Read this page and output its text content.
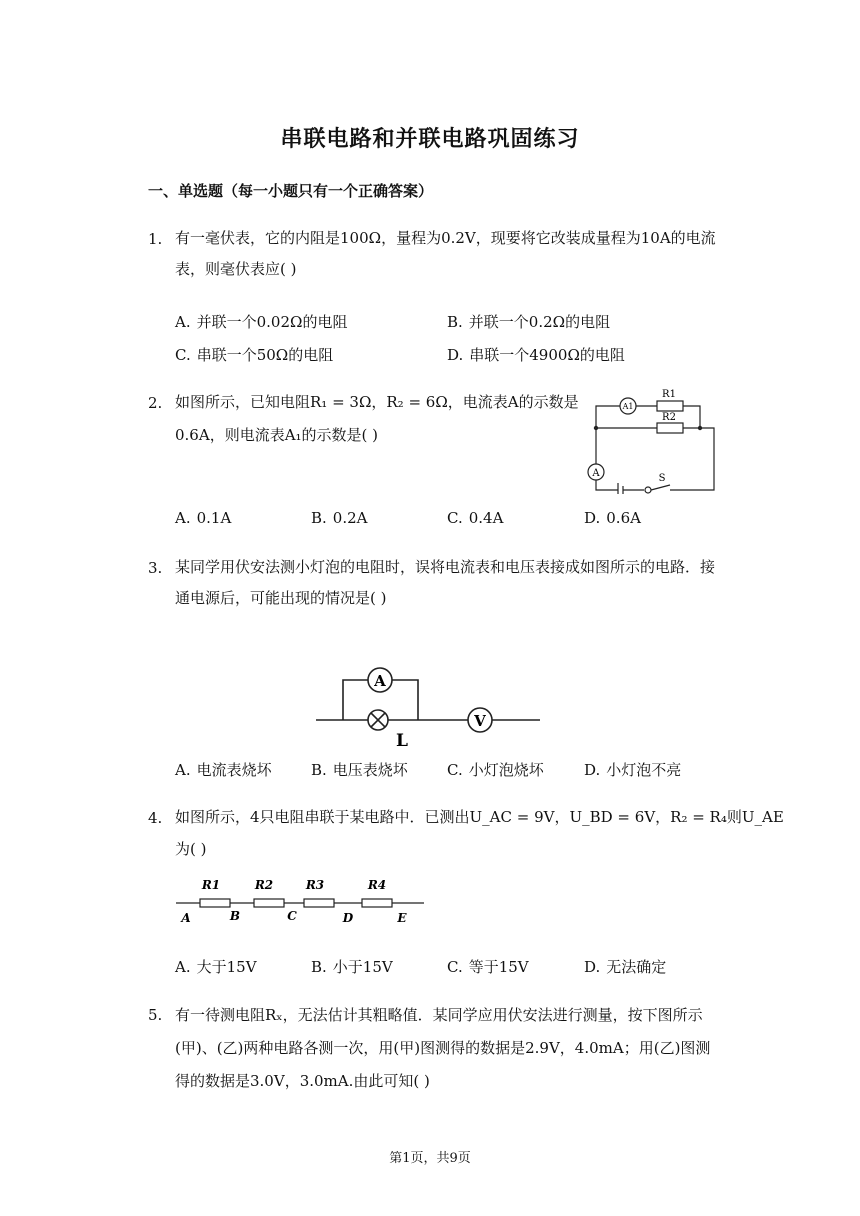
串联电路和并联电路巩固练习
一、单选题（每一小题只有一个正确答案）
1. 有一毫伏表，它的内阻是100Ω，量程为0.2V，现要将它改装成量程为10A的电流表，则毫伏表应( )
A. 并联一个0.02Ω的电阻	B. 并联一个0.2Ω的电阻
C. 串联一个50Ω的电阻	D. 串联一个4900Ω的电阻
2. 如图所示，已知电阻R₁ = 3Ω，R₂ = 6Ω，电流表A的示数是
0.6A，则电流表A₁的示数是( )
R1
R2
A1
A	S
A. 0.1A	B. 0.2A	C. 0.4A	D. 0.6A
3. 某同学用伏安法测小灯泡的电阻时，误将电流表和电压表接成如图所示的电路．接通电源后，可能出现的情况是( )
A
V
L
A. 电流表烧坏	B. 电压表烧坏	C. 小灯泡烧坏	D. 小灯泡不亮
4. 如图所示，4只电阻串联于某电路中．已测出U_AC = 9V，U_BD = 6V，R₂ = R₄则U_AE
为( )
R1	R2	R3	R4
A	B	C	D	E
A. 大于15V	B. 小于15V	C. 等于15V	D. 无法确定
5. 有一待测电阻Rₓ，无法估计其粗略值．某同学应用伏安法进行测量，按下图所示(甲)、(乙)两种电路各测一次，用(甲)图测得的数据是2.9V，4.0mA；用(乙)图测得的数据是3.0V，3.0mA.由此可知( )
第1页，共9页
